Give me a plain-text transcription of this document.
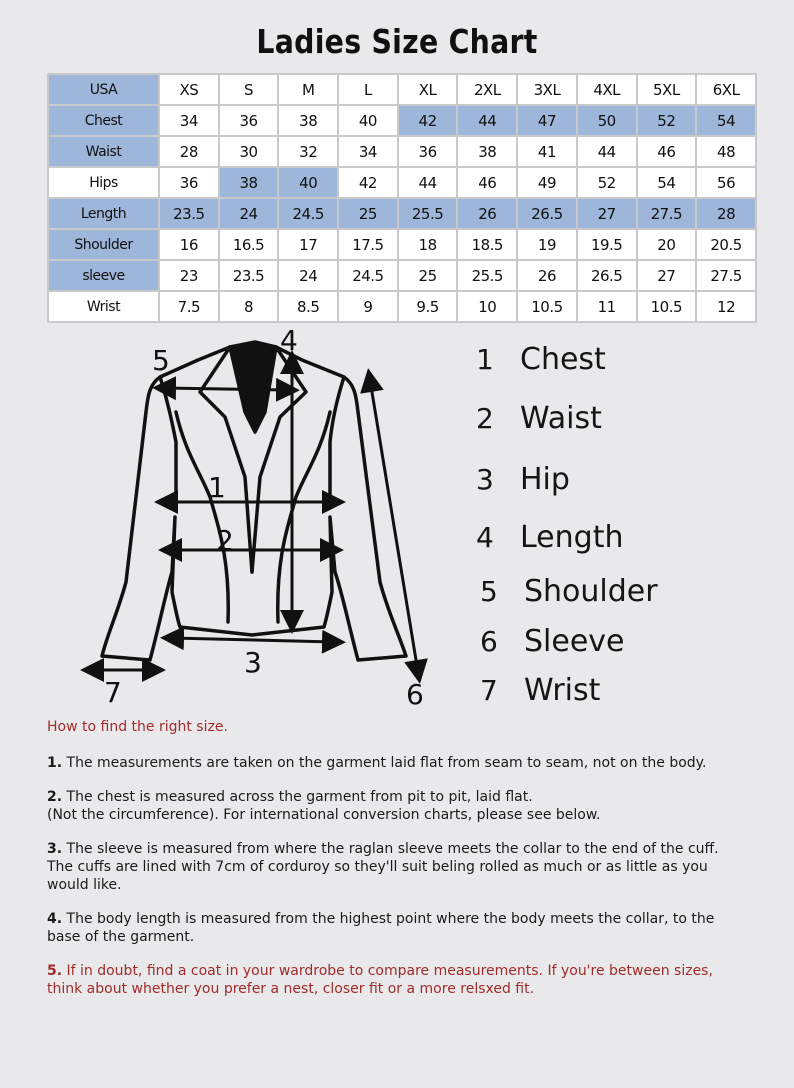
Ladies Size Chart
USA	XS	S	M	L	XL	2XL	3XL	4XL	5XL	6XL
Chest	34	36	38	40	42	44	47	50	52	54
Waist	28	30	32	34	36	38	41	44	46	48
Hips	36	38	40	42	44	46	49	52	54	56
Length	23.5	24	24.5	25	25.5	26	26.5	27	27.5	28
Shoulder	16	16.5	17	17.5	18	18.5	19	19.5	20	20.5
sleeve	23	23.5	24	24.5	25	25.5	26	26.5	27	27.5
Wrist	7.5	8	8.5	9	9.5	10	10.5	11	10.5	12
1
2
3
4
5
6
7
1 Chest
2 Waist
3 Hip
4 Length
5 Shoulder
6 Sleeve
7 Wrist
How to find the right size.
1. The measurements are taken on the garment laid flat from seam to seam, not on the body.
2. The chest is measured across the garment from pit to pit, laid flat.
(Not the circumference). For international conversion charts, please see below.
3. The sleeve is measured from where the raglan sleeve meets the collar to the end of the cuff. The cuffs are lined with 7cm of corduroy so they'll suit beling rolled as much or as little as you would like.
4. The body length is measured from the highest point where the body meets the collar, to the base of the garment.
5. If in doubt, find a coat in your wardrobe to compare measurements. If you're between sizes, think about whether you prefer a nest, closer fit or a more relsxed fit.
